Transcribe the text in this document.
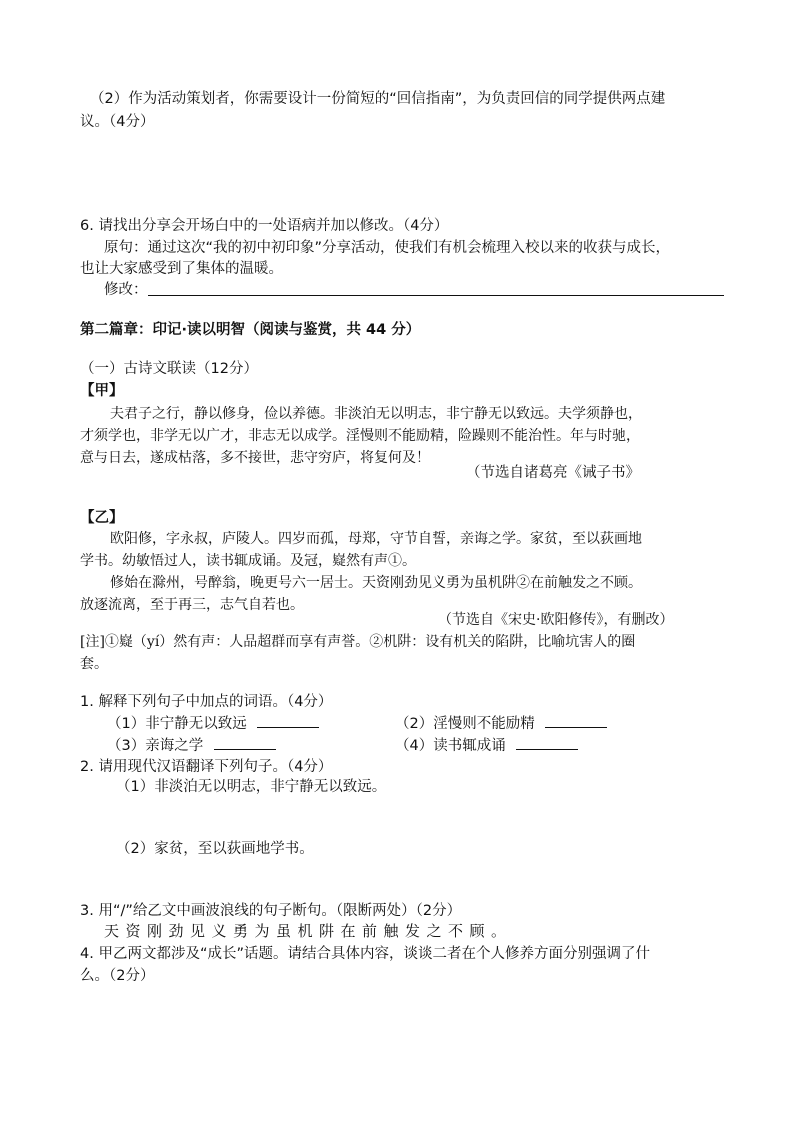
（2）作为活动策划者，你需要设计一份简短的“回信指南”，为负责回信的同学提供两点建
议。（4分）
6. 请找出分享会开场白中的一处语病并加以修改。（4分）
原句：通过这次“我的初中初印象”分享活动，使我们有机会梳理入校以来的收获与成长，
也让大家感受到了集体的温暖。
修改：
第二篇章：印记·读以明智（阅读与鉴赏，共 44 分）
（一）古诗文联读（12分）
【甲】
夫君子之行，静以修身，俭以养德。非淡泊无以明志，非宁静无以致远。夫学须静也，
才须学也，非学无以广才，非志无以成学。淫慢则不能励精，险躁则不能治性。年与时驰，
意与日去，遂成枯落，多不接世，悲守穷庐，将复何及！
（节选自诸葛亮《诫子书》
【乙】
欧阳修，字永叔，庐陵人。四岁而孤，母郑，守节自誓，亲诲之学。家贫，至以荻画地
学书。幼敏悟过人，读书辄成诵。及冠，嶷然有声①。
修始在滁州，号醉翁，晚更号六一居士。天资刚劲见义勇为虽机阱②在前触发之不顾。
放逐流离，至于再三，志气自若也。
（节选自《宋史·欧阳修传》，有删改）
[注]①嶷（yí）然有声：人品超群而享有声誉。②机阱：设有机关的陷阱，比喻坑害人的圈
套。
1. 解释下列句子中加点的词语。（4分）
（1）非宁静无以致远	（2）淫慢则不能励精
（3）亲诲之学	（4）读书辄成诵
2. 请用现代汉语翻译下列句子。（4分）
（1）非淡泊无以明志，非宁静无以致远。
（2）家贫，至以荻画地学书。
3. 用“/”给乙文中画波浪线的句子断句。（限断两处）（2分）
天资刚劲见义勇为虽机阱在前触发之不顾。
4. 甲乙两文都涉及“成长”话题。请结合具体内容，谈谈二者在个人修养方面分别强调了什
么。（2分）
